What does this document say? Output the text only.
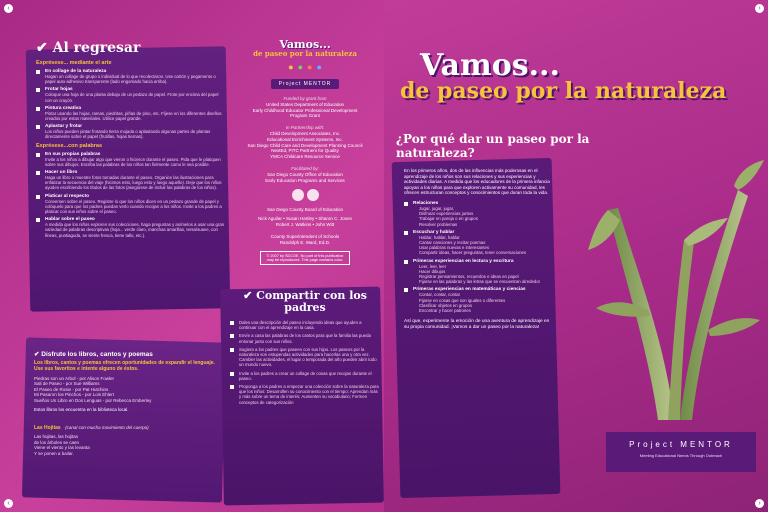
‹
‹
›
›
✔ Al regresar
Exprésese... mediante el arte
En collage de la naturaleza
Hagan un collage de grupo o individual de lo que recolectaron. Use cartón y pegamento o papel auto-adhesivo transparente (lado engomado hacia arriba).
Frotar hojas
Coloque una hoja de una planta debajo de un pedazo de papel. Frote por encima del papel con un crayón.
Pintura creativa
Pintar usando las hojas, ramas, piedritas, piñas de pino, etc. Fíjese en los diferentes diseños creados por estos materiales. Utilice papel grande.
Aplastar y frotar
Los niños pueden pintar frotando tierra mojada o aplastando algunas partes de plantas directamente sobre el papel (frutillas, hojas tiernas).
Exprésese...con palabras
En sus propias palabras
Invite a los niños a dibujar algo que vieron o hicieron durante el paseo. Pida que le platiquen sobre sus dibujos. Escriba las palabras de los niños tan fielmente como le sea posible.
Hacer un libro
Haga un libro o muestre fotos tomadas durante el paseo. Organice las ilustraciones para enfatizar la secuencia del viaje (hicimos esto, luego esto y luego aquello). Deje que los niños ayuden escribiendo los títulos de las fotos (asegúrese de incluir las palabras de los niños).
Platicar al respecto
Conversen sobre el paseo. Registre lo que los niños dicen en un pedazo grande de papel y colóquelo para que los padres puedan verlo cuando recojan a los niños. Invite a los padres a platicar con sus niños sobre el paseo.
Hablar sobre el paseo
A medida que los niños exploren sus colecciones, haga preguntas y anímelos a usar una gran variedad de palabras descriptivas (hoja... verde claro, manchas amarillas, tersa/suave, con líneas, puntiaguda, se siente fresca, tiene tallo, etc.).
✔ Disfrute los libros, cantos y poemas
Los libros, cantos y poemas ofrecen oportunidades de expandir el lenguaje. Use sus favoritos e intente alguno de éstos.
Piedras son un Arbol - por Alison Fowler
Sali de Paseo - por Sue Williams
El Paseo de Rosie - por Pat Hutchins
Mi Pasaron los Pinchos - por Lois Ehlert
Sueños Un Libro en Dos Lenguas - por Rebecca Emberley
Estos libros los encuentra en la biblioteca local.
Las Hojitas (canal con mucha movimiento del cuerpo)
Las hojitas, las hojitas
de los árboles se caen
Viene el viento y las levanta
Y se ponen a bailar.
Vamos...
de paseo por la naturaleza
● ● ● ●
Project MENTOR
Funded by grant from
United States Department of Education
Early Childhood Educator Professional Development
Program Grant
In Partnership with:
Child Development Associates, Inc.
Educational Enrichment Systems, Inc.
San Diego Child Care and Development Planning Council
NestEd, PITC Partners for Quality
YMCA Childcare Resource Service
Facilitated by:
San Diego County Office of Education
Early Education Programs and Services
San Diego County Board of Education
Nick Aguilar • Susan Hartley • Sharon C. Jones
Robert J. Watkins • John Witt
County Superintendent of Schools
Randolph E. Ward, Ed.D.
© 2007 by SDCOE. No part of this publication may be reproduced. This page contains color.
✔ Compartir con los padres
Dales una descripción del paseo incluyendo ideas que ayuden a continuar con el aprendizaje en la casa.
Envíe a casa las palabras de los cantos para que la familia las pueda entonar junto con sus niños.
Sugiera a los padres que paseen con sus hijos. Los paseos por la naturaleza son estupendas actividades para hacerlas una y otra vez. Cambier las actividades, el lugar o temporada del año pueden abrir todo un mundo nuevo.
Invite a los padres a crear un collage de cosas que recojan durante el paseo.
Proponga a los padres a empezar una colección sobre la naturaleza para que los niños: Desarrollen su conocimiento con el tiempo; Aprendan más y más sobre un tema de interés; Aumenten su vocabulario; Formen conceptos de categorización
Vamos...
de paseo por la naturaleza
¿Por qué dar un paseo por la naturaleza?
En los primeros años, dos de las influencias más poderosas en el aprendizaje de los niños son sus relaciones y sus experiencias y actividades diarias. A medida que los educadores de la primera infancia apoyan a los niños para que exploren activamente su comunidad, les ofrecen estructuran conceptos y conocimientos que duran toda la vida.
Relaciones
Jugar, jugar, jugar,
Disfrutar experiencias juntos
Trabajar en pareja o en grupos
Resolver problemas
Escuchar y hablar
Hablar, hablar, hablar
Cantar canciones y recitar poemas
Usar palabras nuevas e interesantes
Compartir ideas, hacer preguntas, tener conversaciones
Primeras experiencias en lectura y escritura
Leer, leer, leer
Hacer dibujos
Registrar pensamientos, recuerdos e ideas en papel
Fijarse en las palabras y las letras que se encuentran alrededor
Primeras experiencias en matemáticas y ciencias
Contar, contar, contar
Fijarse en cosas que son iguales o diferentes
Clasificar objetos en grupos
Encontrar y hacer patrones
Así que, experimente la emoción de una aventura de aprendizaje en su propia comunidad. ¡Vamos a dar un paseo por la naturaleza!
Project MENTOR
Meeting Educational Needs Through Outreach
